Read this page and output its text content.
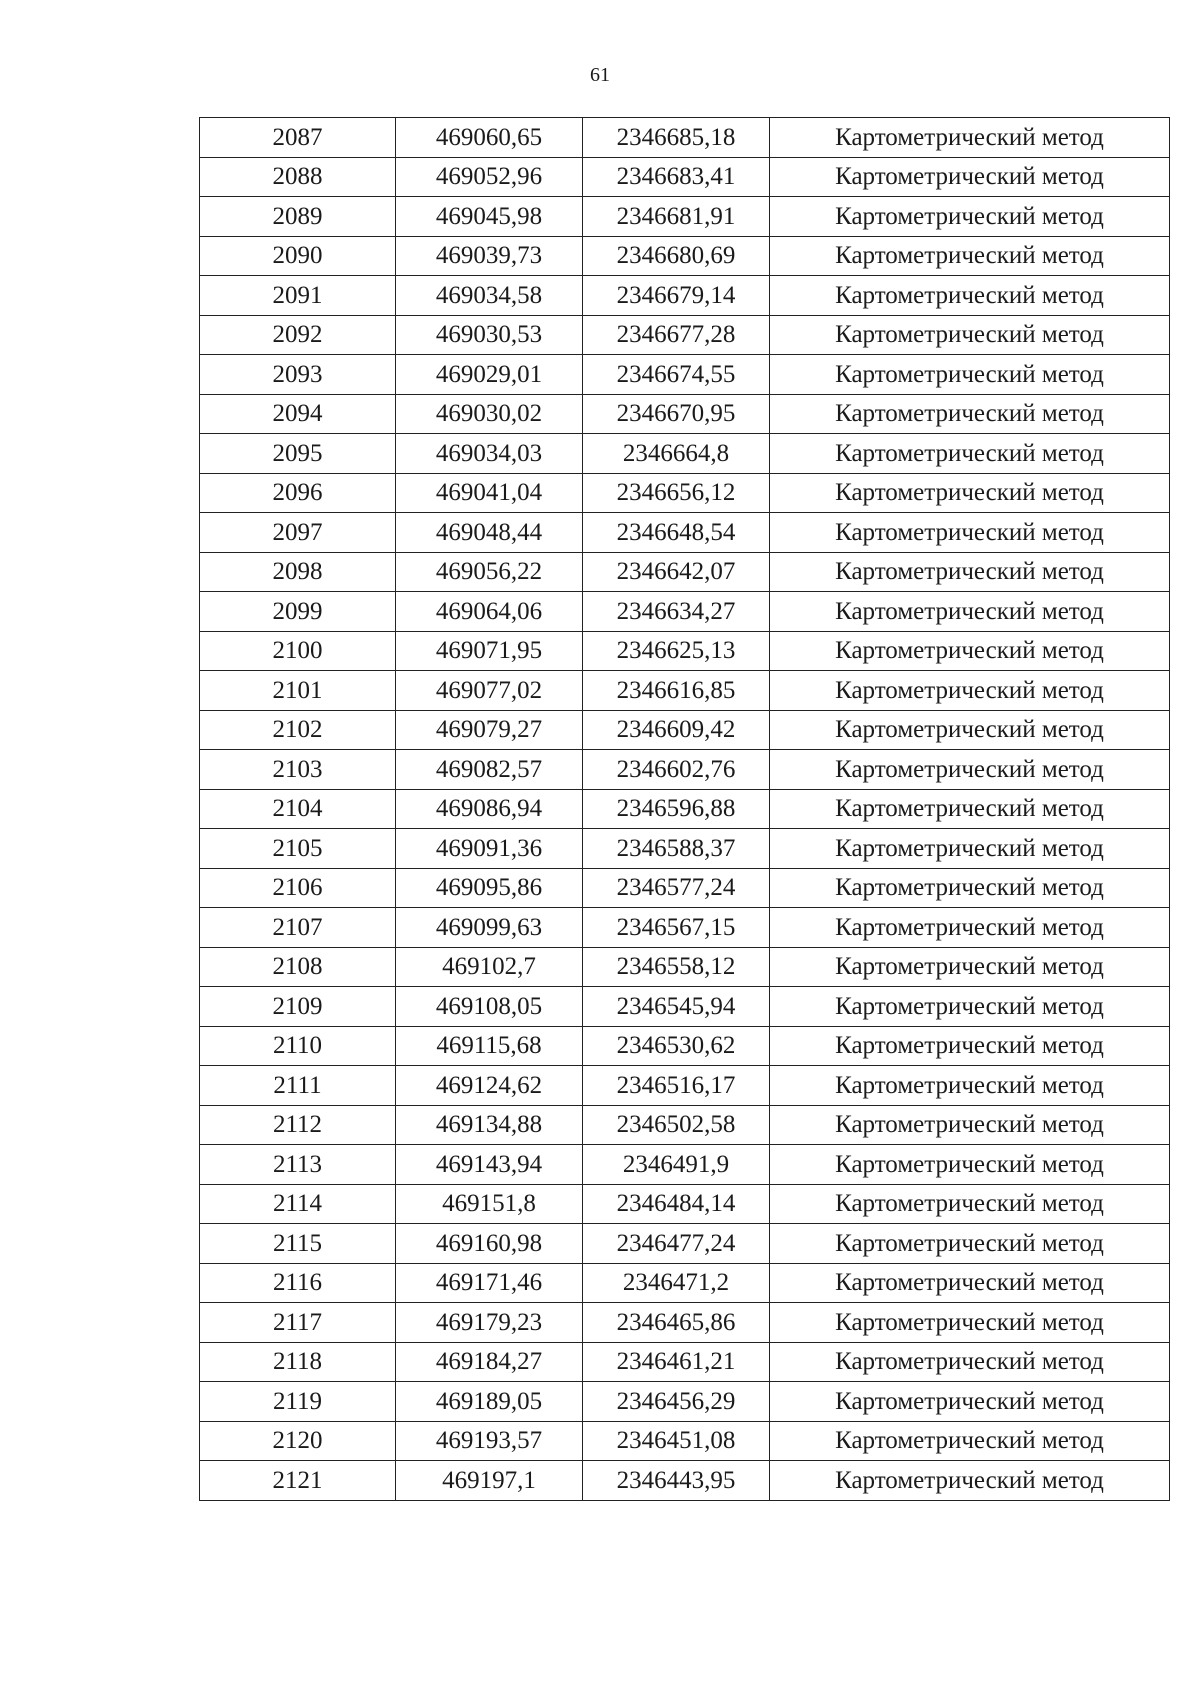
61
2087	469060,65	2346685,18	Картометрический метод
2088	469052,96	2346683,41	Картометрический метод
2089	469045,98	2346681,91	Картометрический метод
2090	469039,73	2346680,69	Картометрический метод
2091	469034,58	2346679,14	Картометрический метод
2092	469030,53	2346677,28	Картометрический метод
2093	469029,01	2346674,55	Картометрический метод
2094	469030,02	2346670,95	Картометрический метод
2095	469034,03	2346664,8	Картометрический метод
2096	469041,04	2346656,12	Картометрический метод
2097	469048,44	2346648,54	Картометрический метод
2098	469056,22	2346642,07	Картометрический метод
2099	469064,06	2346634,27	Картометрический метод
2100	469071,95	2346625,13	Картометрический метод
2101	469077,02	2346616,85	Картометрический метод
2102	469079,27	2346609,42	Картометрический метод
2103	469082,57	2346602,76	Картометрический метод
2104	469086,94	2346596,88	Картометрический метод
2105	469091,36	2346588,37	Картометрический метод
2106	469095,86	2346577,24	Картометрический метод
2107	469099,63	2346567,15	Картометрический метод
2108	469102,7	2346558,12	Картометрический метод
2109	469108,05	2346545,94	Картометрический метод
2110	469115,68	2346530,62	Картометрический метод
2111	469124,62	2346516,17	Картометрический метод
2112	469134,88	2346502,58	Картометрический метод
2113	469143,94	2346491,9	Картометрический метод
2114	469151,8	2346484,14	Картометрический метод
2115	469160,98	2346477,24	Картометрический метод
2116	469171,46	2346471,2	Картометрический метод
2117	469179,23	2346465,86	Картометрический метод
2118	469184,27	2346461,21	Картометрический метод
2119	469189,05	2346456,29	Картометрический метод
2120	469193,57	2346451,08	Картометрический метод
2121	469197,1	2346443,95	Картометрический метод
